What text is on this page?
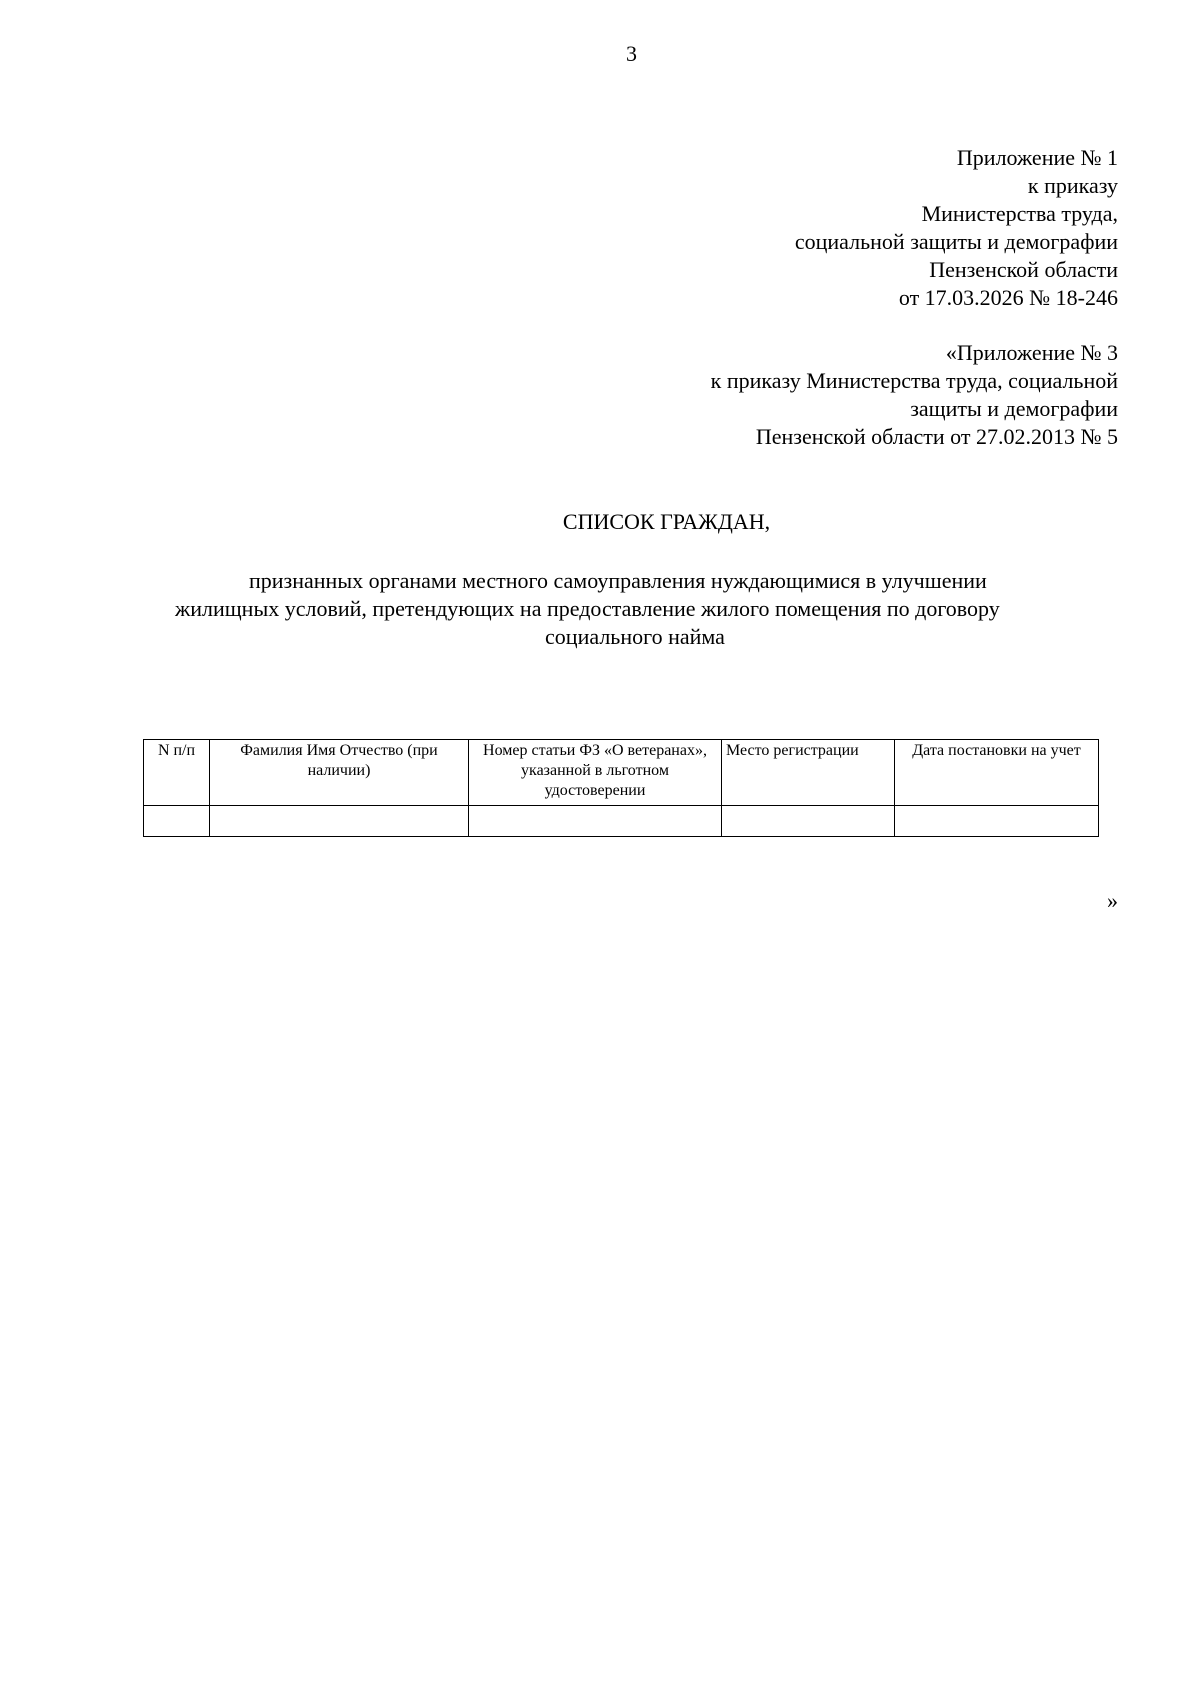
3
Приложение № 1
к приказу
Министерства труда,
социальной защиты и демографии
Пензенской области
от 17.03.2026 № 18-246
«Приложение № 3
к приказу Министерства труда, социальной
защиты и демографии
Пензенской области от 27.02.2013 № 5
СПИСОК ГРАЖДАН,
признанных органами местного самоуправления нуждающимися в улучшении
жилищных условий, претендующих на предоставление жилого помещения по договору
социального найма
N п/п	Фамилия Имя Отчество (при наличии)	Номер статьи ФЗ «О ветеранах», указанной в льготном удостоверении	Место регистрации	Дата постановки на учет

»
